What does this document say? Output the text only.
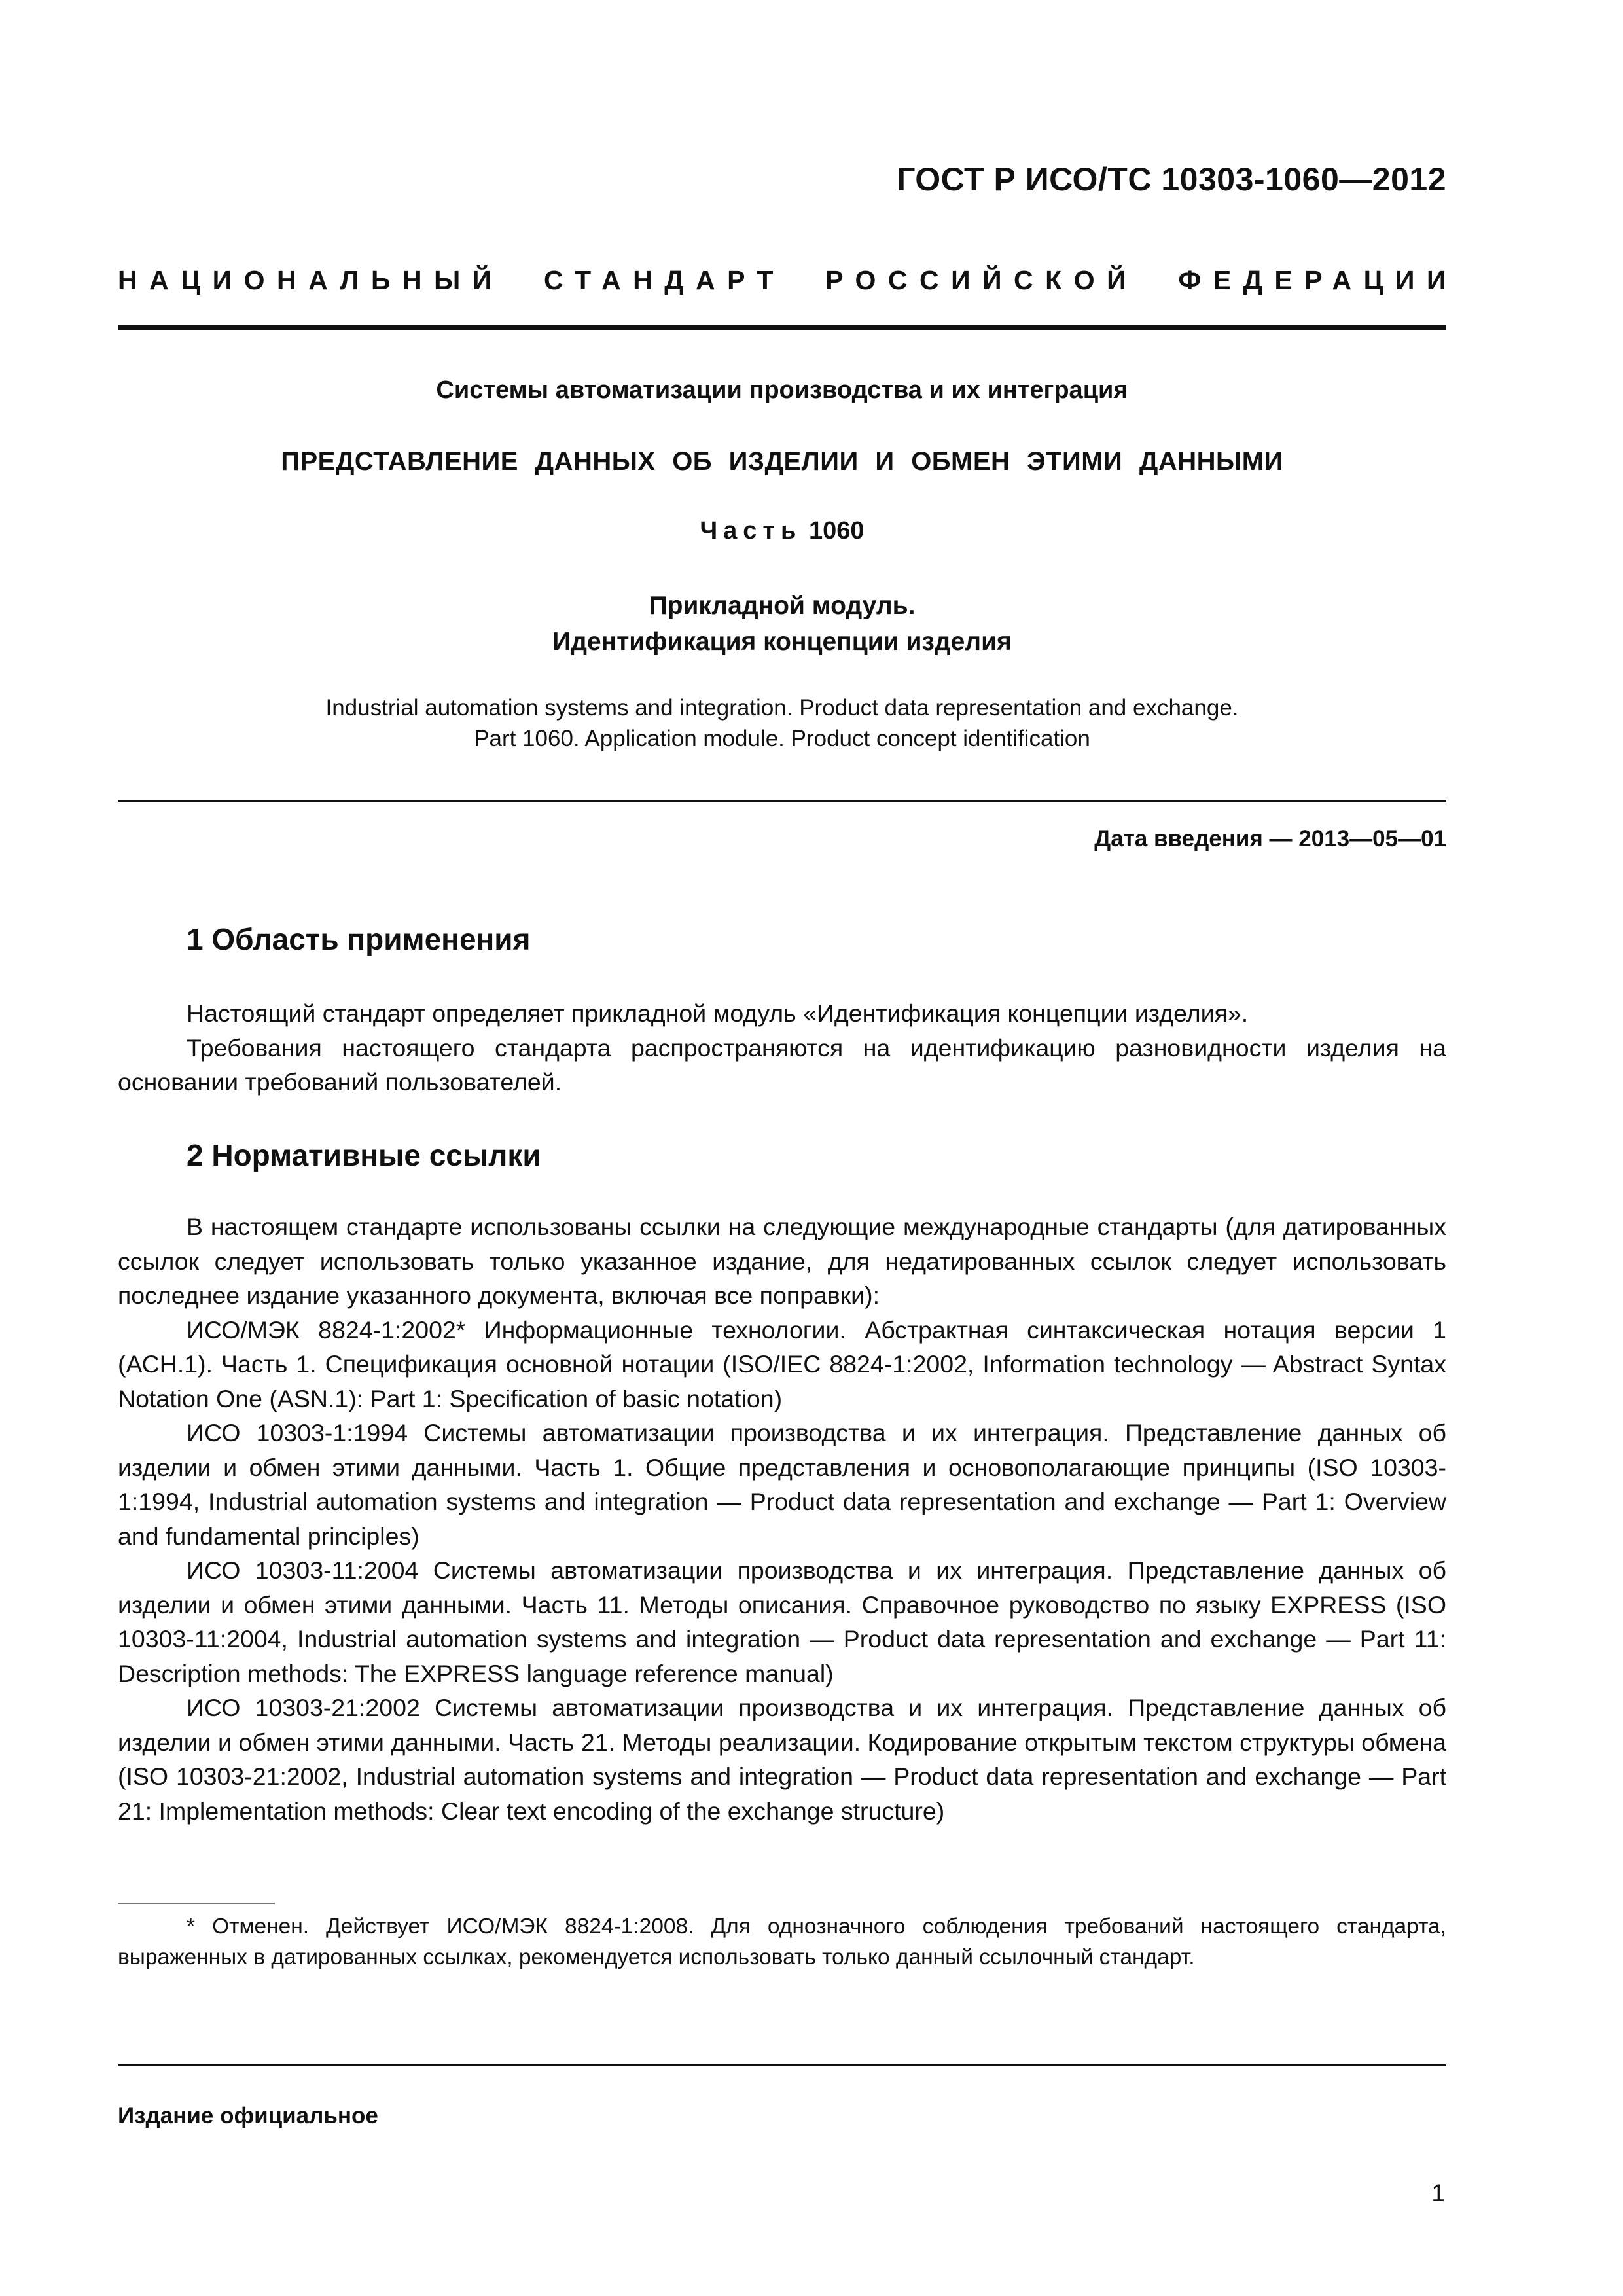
ГОСТ Р ИСО/ТС 10303-1060—2012
НАЦИОНАЛЬНЫЙ СТАНДАРТ РОССИЙСКОЙ ФЕДЕРАЦИИ
Системы автоматизации производства и их интеграция
ПРЕДСТАВЛЕНИЕ ДАННЫХ ОБ ИЗДЕЛИИ И ОБМЕН ЭТИМИ ДАННЫМИ
Часть 1060
Прикладной модуль.
Идентификация концепции изделия
Industrial automation systems and integration. Product data representation and exchange.
Part 1060. Application module. Product concept identification
Дата введения — 2013—05—01
1 Область применения

Настоящий стандарт определяет прикладной модуль «Идентификация концепции изделия».

Требования настоящего стандарта распространяются на идентификацию разновидности изделия на основании требований пользователей.

2 Нормативные ссылки

В настоящем стандарте использованы ссылки на следующие международные стандарты (для датированных ссылок следует использовать только указанное издание, для недатированных ссылок следует использовать последнее издание указанного документа, включая все поправки):

ИСО/МЭК 8824-1:2002* Информационные технологии. Абстрактная синтаксическая нотация версии 1 (АСН.1). Часть 1. Спецификация основной нотации (ISO/IEC 8824-1:2002, Information technology — Abstract Syntax Notation One (ASN.1): Part 1: Specification of basic notation)

ИСО 10303-1:1994 Системы автоматизации производства и их интеграция. Представление данных об изделии и обмен этими данными. Часть 1. Общие представления и основополагающие принципы (ISO 10303-1:1994, Industrial automation systems and integration — Product data representation and exchange — Part 1: Overview and fundamental principles)

ИСО 10303-11:2004 Системы автоматизации производства и их интеграция. Представление данных об изделии и обмен этими данными. Часть 11. Методы описания. Справочное руководство по языку EXPRESS (ISO 10303-11:2004, Industrial automation systems and integration — Product data representation and exchange — Part 11: Description methods: The EXPRESS language reference manual)

ИСО 10303-21:2002 Системы автоматизации производства и их интеграция. Представление данных об изделии и обмен этими данными. Часть 21. Методы реализации. Кодирование открытым текстом структуры обмена (ISO 10303-21:2002, Industrial automation systems and integration — Product data representation and exchange — Part 21: Implementation methods: Clear text encoding of the exchange structure)

* Отменен. Действует ИСО/МЭК 8824-1:2008. Для однозначного соблюдения требований настоящего стандарта, выраженных в датированных ссылках, рекомендуется использовать только данный ссылочный стандарт.

Издание официальное
1
